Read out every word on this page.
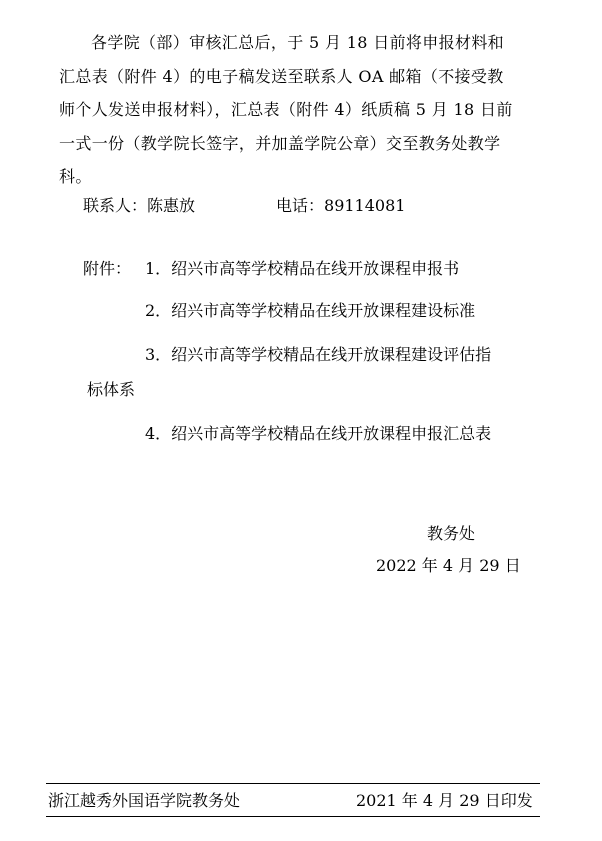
各学院（部）审核汇总后，于 5 月 18 日前将申报材料和
汇总表（附件 4）的电子稿发送至联系人 OA 邮箱（不接受教
师个人发送申报材料），汇总表（附件 4）纸质稿 5 月 18 日前
一式一份（教学院长签字，并加盖学院公章）交至教务处教学
科。
联系人：陈惠放	电话：89114081
附件： 1．绍兴市高等学校精品在线开放课程申报书
2．绍兴市高等学校精品在线开放课程建设标准
3．绍兴市高等学校精品在线开放课程建设评估指
标体系
4．绍兴市高等学校精品在线开放课程申报汇总表
教务处
2022 年 4 月 29 日
浙江越秀外国语学院教务处	2021 年 4 月 29 日印发
